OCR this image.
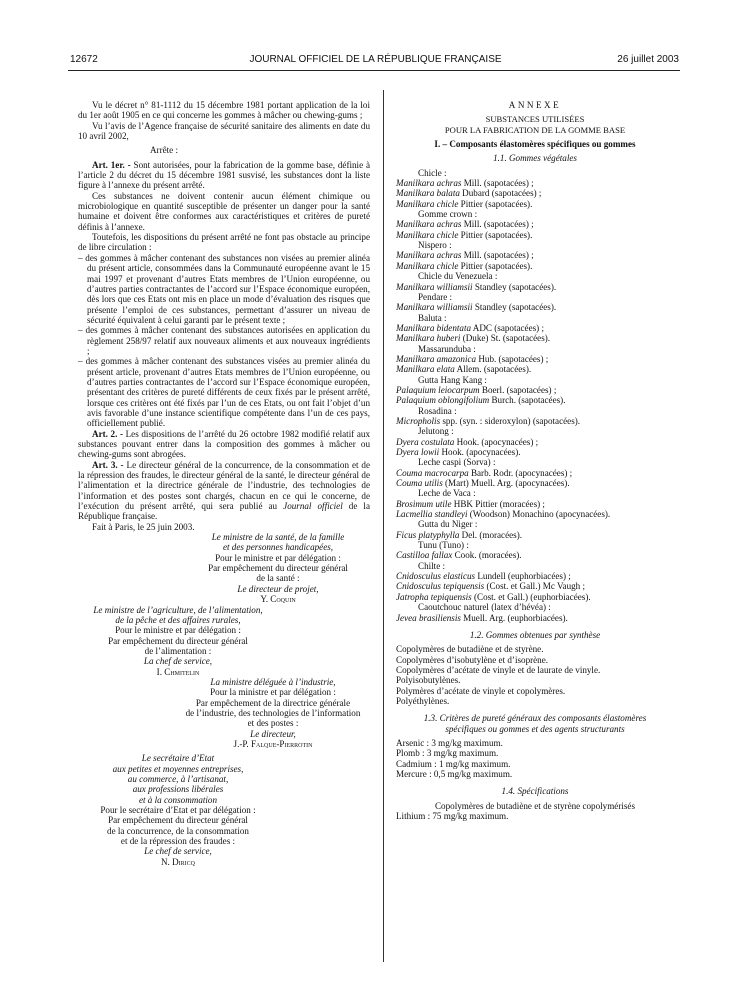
12672	JOURNAL OFFICIEL DE LA RÉPUBLIQUE FRANÇAISE	26 juillet 2003

Vu le décret n° 81-1112 du 15 décembre 1981 portant application de la loi du 1er août 1905 en ce qui concerne les gommes à mâcher ou chewing-gums ;

Vu l’avis de l’Agence française de sécurité sanitaire des aliments en date du 10 avril 2002,

Arrête :

Art. 1er. - Sont autorisées, pour la fabrication de la gomme base, définie à l’article 2 du décret du 15 décembre 1981 susvisé, les substances dont la liste figure à l’annexe du présent arrêté.

Ces substances ne doivent contenir aucun élément chimique ou microbiologique en quantité susceptible de présenter un danger pour la santé humaine et doivent être conformes aux caractéristiques et critères de pureté définis à l’annexe.

Toutefois, les dispositions du présent arrêté ne font pas obstacle au principe de libre circulation :

– des gommes à mâcher contenant des substances non visées au premier alinéa du présent article, consommées dans la Communauté européenne avant le 15 mai 1997 et provenant d’autres Etats membres de l’Union européenne, ou d’autres parties contractantes de l’accord sur l’Espace économique européen, dès lors que ces Etats ont mis en place un mode d’évaluation des risques que présente l’emploi de ces substances, permettant d’assurer un niveau de sécurité équivalent à celui garanti par le présent texte ;

– des gommes à mâcher contenant des substances autorisées en application du règlement 258/97 relatif aux nouveaux aliments et aux nouveaux ingrédients ;

– des gommes à mâcher contenant des substances visées au premier alinéa du présent article, provenant d’autres Etats membres de l’Union européenne, ou d’autres parties contractantes de l’accord sur l’Espace économique européen, présentant des critères de pureté différents de ceux fixés par le présent arrêté, lorsque ces critères ont été fixés par l’un de ces Etats, ou ont fait l’objet d’un avis favorable d’une instance scientifique compétente dans l’un de ces pays, officiellement publié.

Art. 2. - Les dispositions de l’arrêté du 26 octobre 1982 modifié relatif aux substances pouvant entrer dans la composition des gommes à mâcher ou chewing-gums sont abrogées.

Art. 3. - Le directeur général de la concurrence, de la consommation et de la répression des fraudes, le directeur général de la santé, le directeur général de l’alimentation et la directrice générale de l’industrie, des technologies de l’information et des postes sont chargés, chacun en ce qui le concerne, de l’exécution du présent arrêté, qui sera publié au Journal officiel de la République française.

Fait à Paris, le 25 juin 2003.

Le ministre de la santé, de la famille

et des personnes handicapées,

Pour le ministre et par délégation :

Par empêchement du directeur général

de la santé :

Le directeur de projet,

Y. Coquin

Le ministre de l’agriculture, de l’alimentation,

de la pêche et des affaires rurales,

Pour le ministre et par délégation :

Par empêchement du directeur général

de l’alimentation :

La chef de service,

I. Chmitelin

La ministre déléguée à l’industrie,

Pour la ministre et par délégation :

Par empêchement de la directrice générale

de l’industrie, des technologies de l’information

et des postes :

Le directeur,

J.-P. Falque-Pierrotin

Le secrétaire d’Etat

aux petites et moyennes entreprises,

au commerce, à l’artisanat,

aux professions libérales

et à la consommation

Pour le secrétaire d’Etat et par délégation :

Par empêchement du directeur général

de la concurrence, de la consommation

et de la répression des fraudes :

Le chef de service,

N. Diricq

ANNEXE

SUBSTANCES UTILISÉES

POUR LA FABRICATION DE LA GOMME BASE

I. – Composants élastomères spécifiques ou gommes

1.1. Gommes végétales

Chicle :

Manilkara achras Mill. (sapotacées) ;

Manilkara balata Dubard (sapotacées) ;

Manilkara chicle Pittier (sapotacées).

Gomme crown :

Manilkara achras Mill. (sapotacées) ;

Manilkara chicle Pittier (sapotacées).

Nispero :

Manilkara achras Mill. (sapotacées) ;

Manilkara chicle Pittier (sapotacées).

Chicle du Venezuela :

Manilkara williamsii Standley (sapotacées).

Pendare :

Manilkara williamsii Standley (sapotacées).

Baluta :

Manilkara bidentata ADC (sapotacées) ;

Manilkara huberi (Duke) St. (sapotacées).

Massarunduba :

Manilkara amazonica Hub. (sapotacées) ;

Manilkara elata Allem. (sapotacées).

Gutta Hang Kang :

Palaquium leiocarpum Boerl. (sapotacées) ;

Palaquium oblongifolium Burch. (sapotacées).

Rosadina :

Micropholis spp. (syn. : sideroxylon) (sapotacées).

Jelutong :

Dyera costulata Hook. (apocynacées) ;

Dyera lowii Hook. (apocynacées).

Leche caspi (Sorva) :

Couma macrocarpa Barb. Rodr. (apocynacées) ;

Couma utilis (Mart) Muell. Arg. (apocynacées).

Leche de Vaca :

Brosimum utile HBK Pittier (moracées) ;

Lacmellia standleyi (Woodson) Monachino (apocynacées).

Gutta du Niger :

Ficus platyphylla Del. (moracées).

Tunu (Tuno) :

Castilloa fallax Cook. (moracées).

Chilte :

Cnidosculus elasticus Lundell (euphorbiacées) ;

Cnidosculus tepiquensis (Cost. et Gall.) Mc Vaugh ;

Jatropha tepiquensis (Cost. et Gall.) (euphorbiacées).

Caoutchouc naturel (latex d’hévéa) :

Jevea brasiliensis Muell. Arg. (euphorbiacées).

1.2. Gommes obtenues par synthèse

Copolymères de butadiène et de styrène.

Copolymères d’isobutylène et d’isoprène.

Copolymères d’acétate de vinyle et de laurate de vinyle.

Polyisobutylènes.

Polymères d’acétate de vinyle et copolymères.

Polyéthylènes.

1.3. Critères de pureté généraux des composants élastomères

spécifiques ou gommes et des agents structurants

Arsenic : 3 mg/kg maximum.

Plomb : 3 mg/kg maximum.

Cadmium : 1 mg/kg maximum.

Mercure : 0,5 mg/kg maximum.

1.4. Spécifications

Copolymères de butadiène et de styrène copolymérisés

Lithium : 75 mg/kg maximum.
